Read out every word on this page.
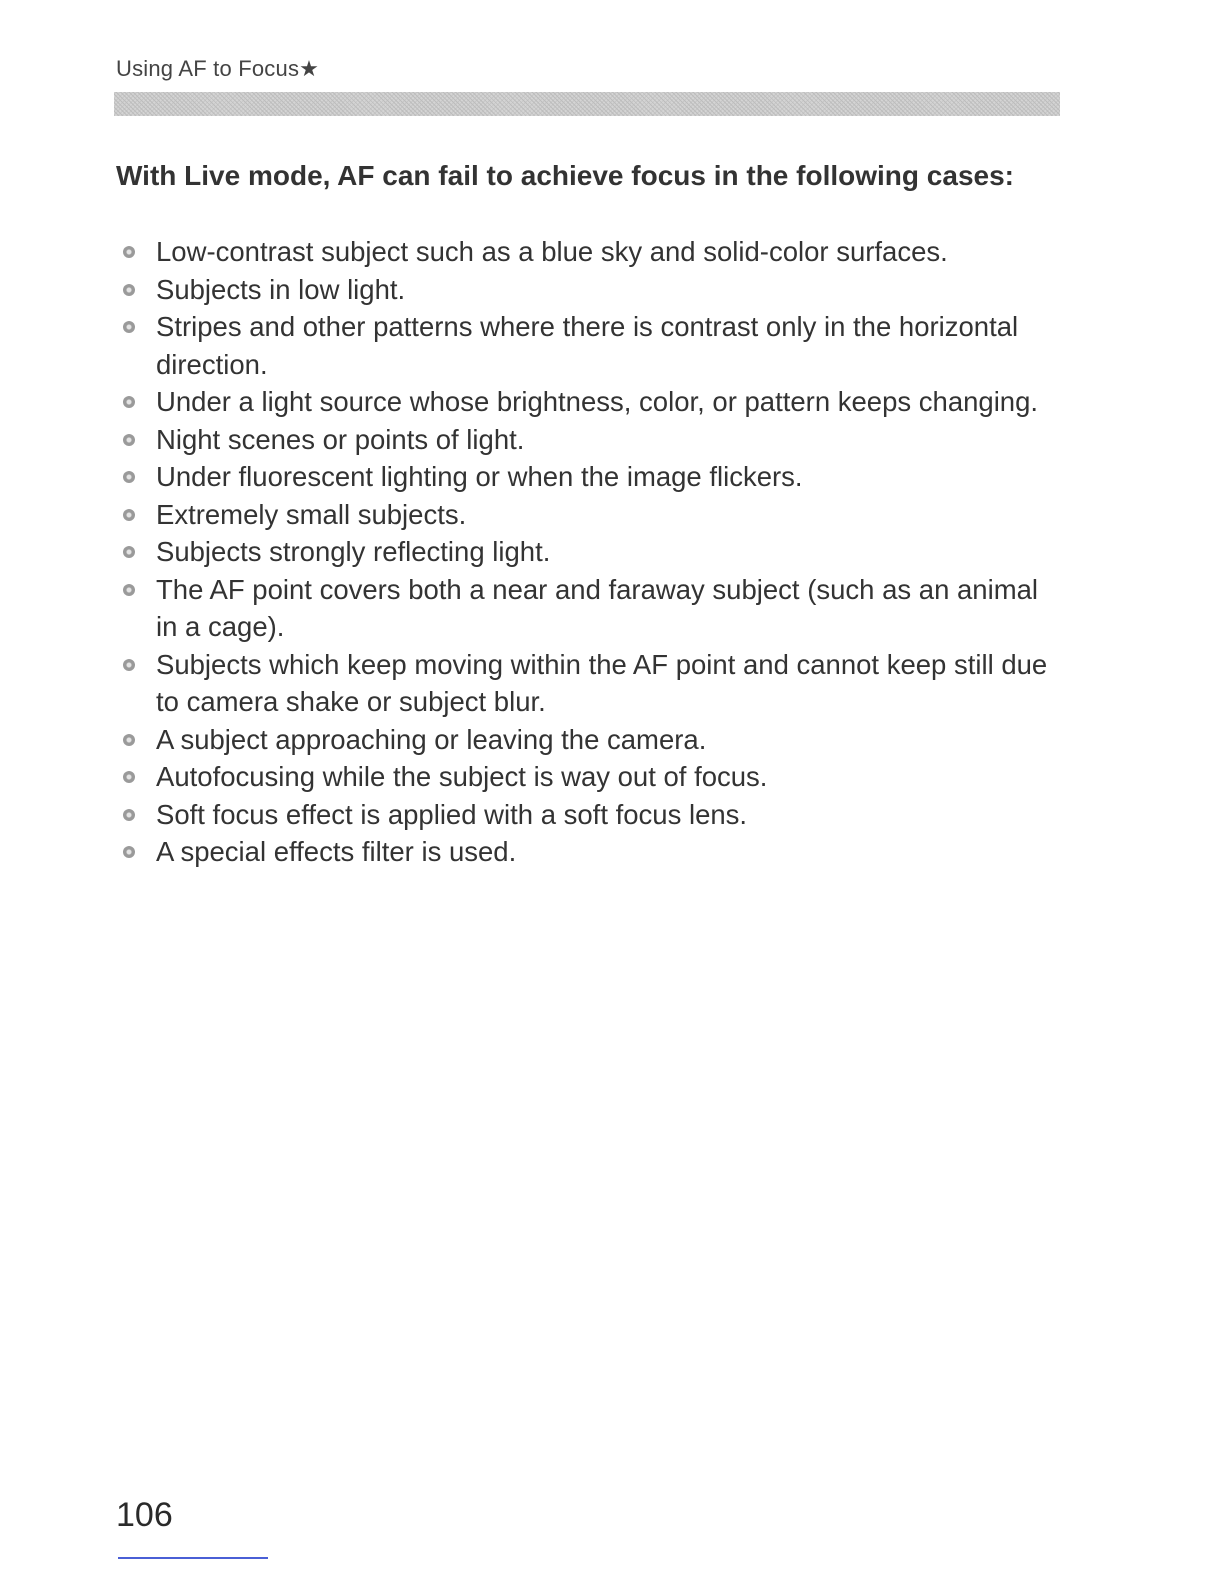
Using AF to Focus★
With Live mode, AF can fail to achieve focus in the following cases:
Low-contrast subject such as a blue sky and solid-color surfaces.
Subjects in low light.
Stripes and other patterns where there is contrast only in the horizontal direction.
Under a light source whose brightness, color, or pattern keeps changing.
Night scenes or points of light.
Under fluorescent lighting or when the image flickers.
Extremely small subjects.
Subjects strongly reflecting light.
The AF point covers both a near and faraway subject (such as an animal in a cage).
Subjects which keep moving within the AF point and cannot keep still due to camera shake or subject blur.
A subject approaching or leaving the camera.
Autofocusing while the subject is way out of focus.
Soft focus effect is applied with a soft focus lens.
A special effects filter is used.
106
